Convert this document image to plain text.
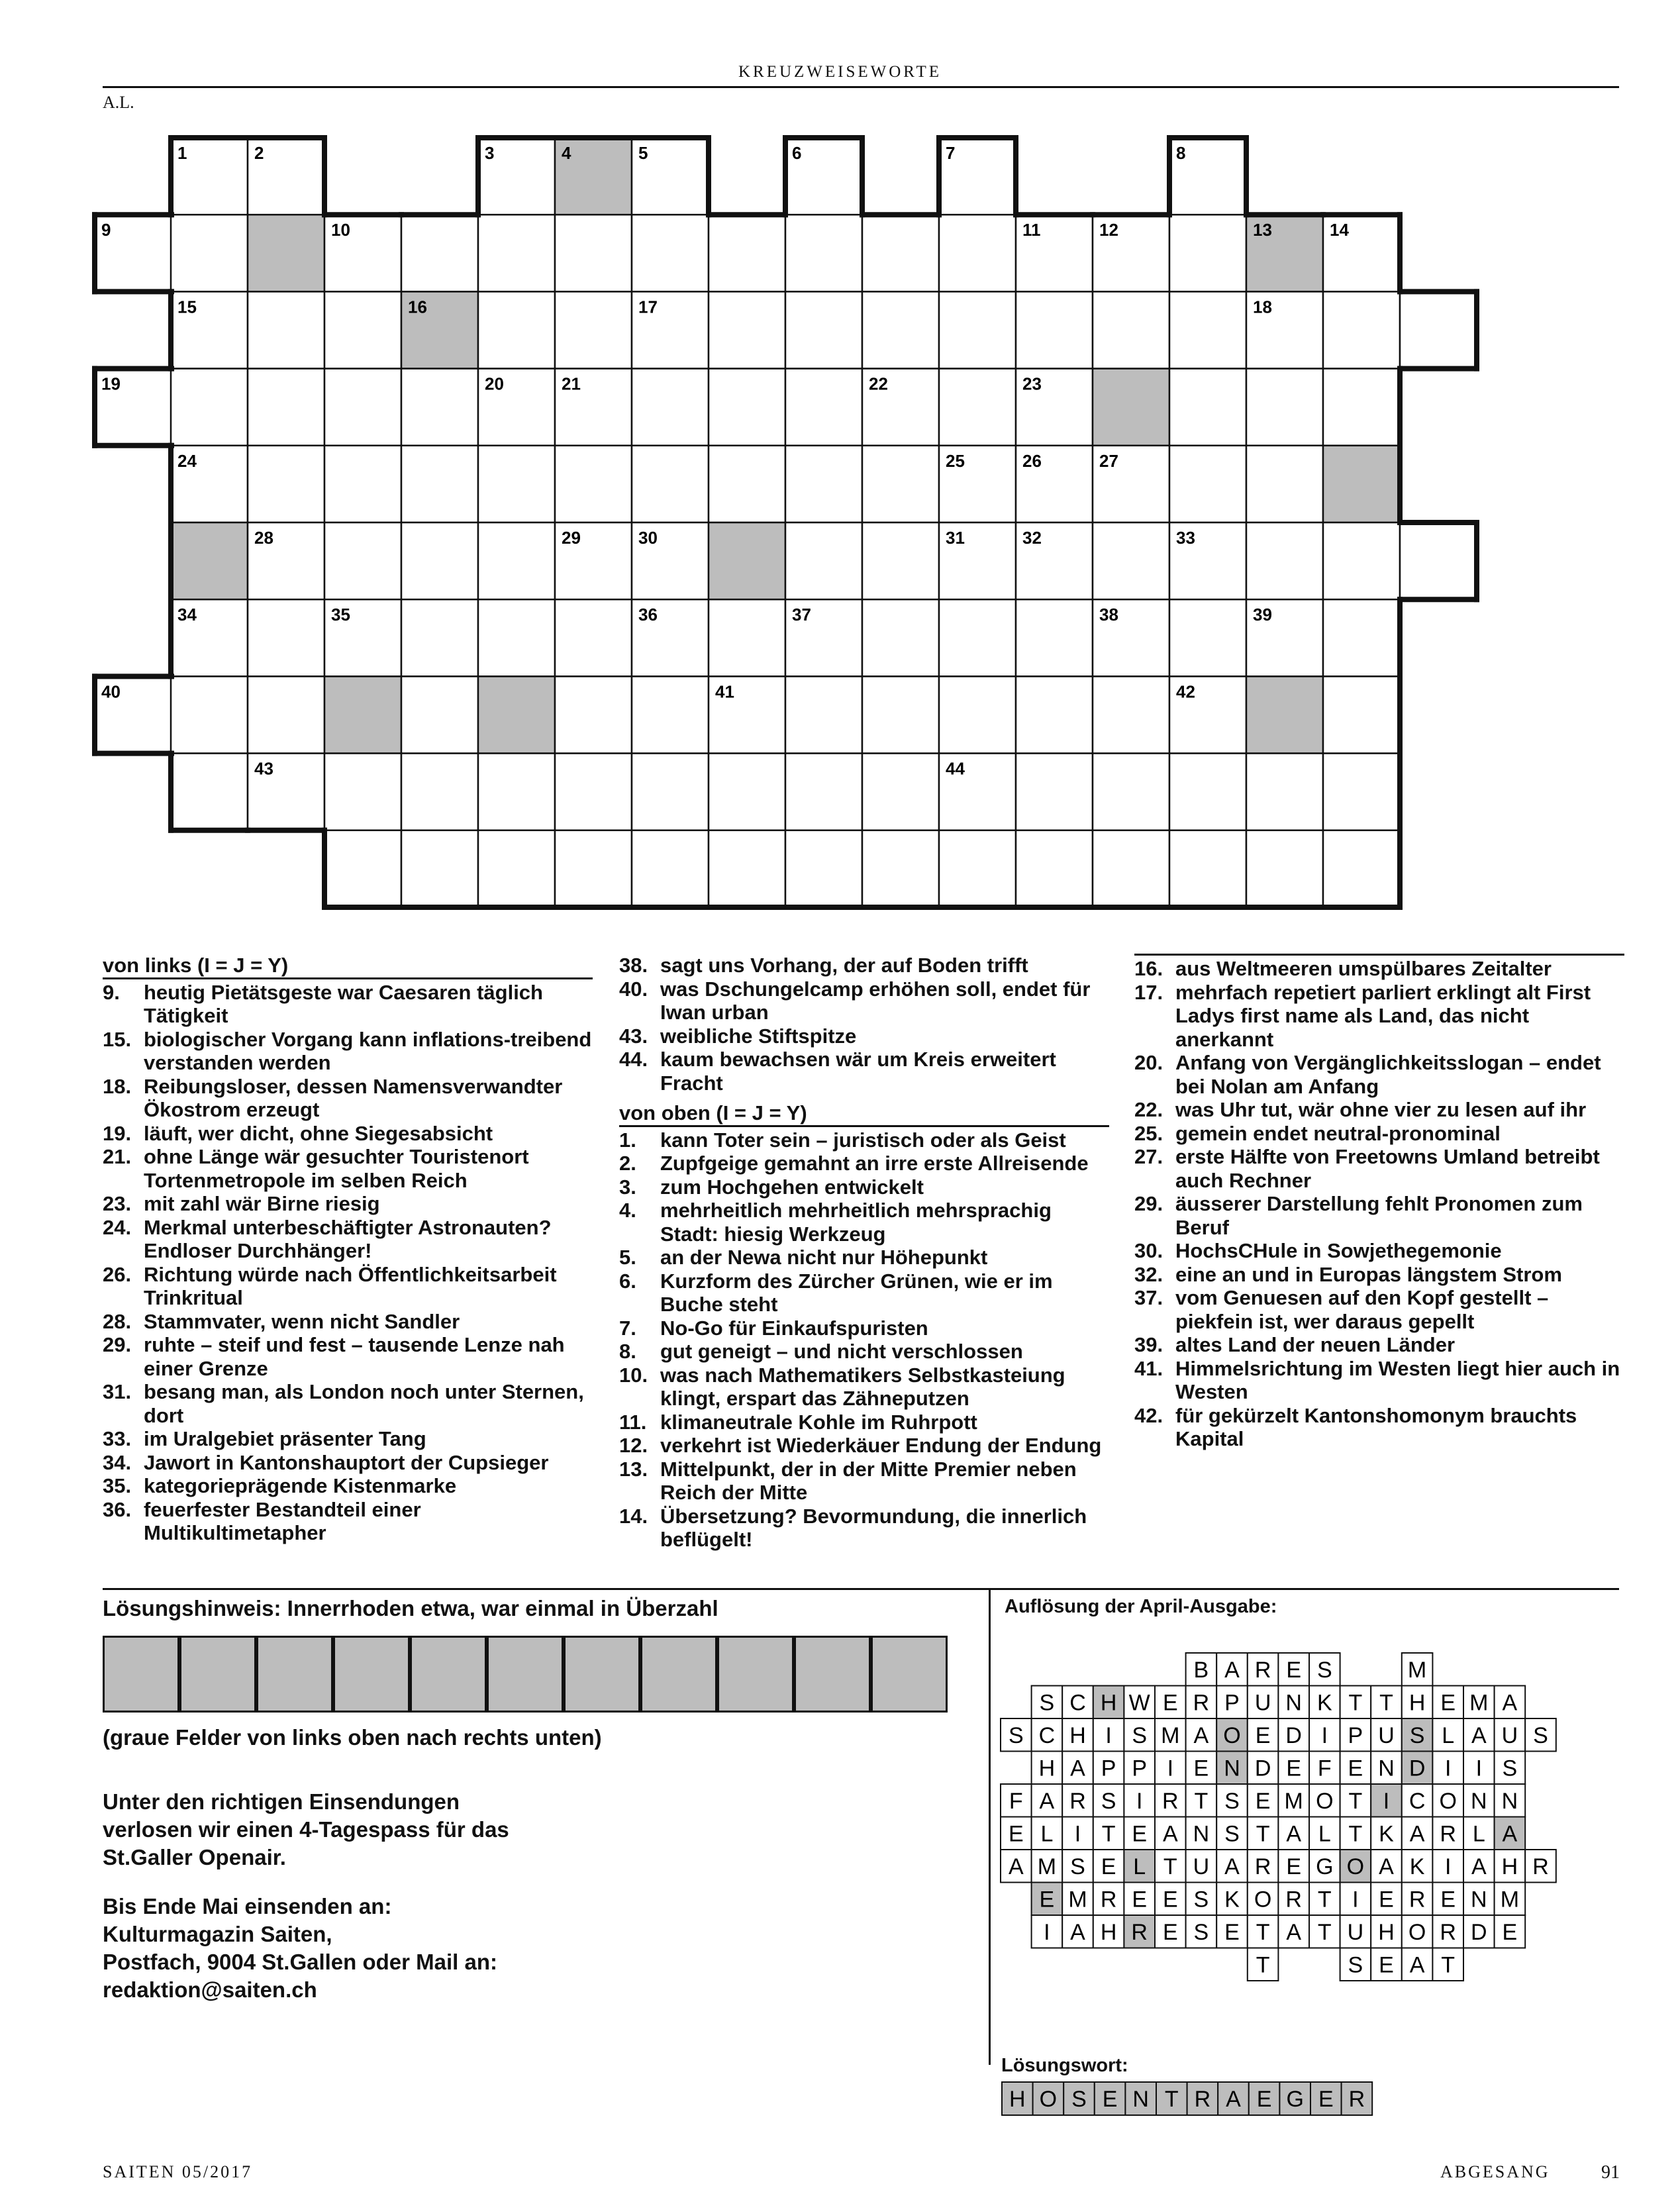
KREUZWEISEWORTE
A.L.
1	2	3	4	5	6	7	8
9	10	11	12	13	14
15	16	17	18
19	20	21	22	23
24	25	26	27
28	29	30	31	32	33
34	35	36	37	38	39
40	41	42
43	44
von links (I = J = Y)
9.	heutig Pietätsgeste war Caesaren täglich Tätigkeit
15. biologischer Vorgang kann inflations-treibend verstanden werden
18. Reibungsloser, dessen Namensverwandter Ökostrom erzeugt
19. läuft, wer dicht, ohne Siegesabsicht
21. ohne Länge wär gesuchter Touristenort Tortenmetropole im selben Reich
23. mit zahl wär Birne riesig
24. Merkmal unterbeschäftigter Astronauten? Endloser Durchhänger!
26. Richtung würde nach Öffentlichkeitsarbeit Trinkritual
28. Stammvater, wenn nicht Sandler
29. ruhte – steif und fest – tausende Lenze nah einer Grenze
31. besang man, als London noch unter Sternen, dort
33. im Uralgebiet präsenter Tang
34. Jawort in Kantonshauptort der Cupsieger
35. kategorieprägende Kistenmarke
36. feuerfester Bestandteil einer Multikultimetapher
38. sagt uns Vorhang, der auf Boden trifft
40. was Dschungelcamp erhöhen soll, endet für Iwan urban
43. weibliche Stiftspitze
44. kaum bewachsen wär um Kreis erweitert Fracht
von oben (I = J = Y)
1.	kann Toter sein – juristisch oder als Geist
2.	Zupfgeige gemahnt an irre erste Allreisende
3.	zum Hochgehen entwickelt
4.	mehrheitlich mehrheitlich mehrsprachig Stadt: hiesig Werkzeug
5.	an der Newa nicht nur Höhepunkt
6.	Kurzform des Zürcher Grünen, wie er im Buche steht
7.	No-Go für Einkaufspuristen
8.	gut geneigt – und nicht verschlossen
10. was nach Mathematikers Selbstkasteiung klingt, erspart das Zähneputzen
11. klimaneutrale Kohle im Ruhrpott
12. verkehrt ist Wiederkäuer Endung der Endung
13. Mittelpunkt, der in der Mitte Premier neben Reich der Mitte
14. Übersetzung? Bevormundung, die innerlich beflügelt!
16. aus Weltmeeren umspülbares Zeitalter
17. mehrfach repetiert parliert erklingt alt First Ladys first name als Land, das nicht anerkannt
20. Anfang von Vergänglichkeitsslogan – endet bei Nolan am Anfang
22. was Uhr tut, wär ohne vier zu lesen auf ihr
25. gemein endet neutral-pronominal
27. erste Hälfte von Freetowns Umland betreibt auch Rechner
29. äusserer Darstellung fehlt Pronomen zum Beruf
30. HochsCHule in Sowjethegemonie
32. eine an und in Europas längstem Strom
37. vom Genuesen auf den Kopf gestellt – piekfein ist, wer daraus gepellt
39. altes Land der neuen Länder
41. Himmelsrichtung im Westen liegt hier auch in Westen
42. für gekürzelt Kantonshomonym brauchts Kapital
Lösungshinweis: Innerrhoden etwa, war einmal in Überzahl
(graue Felder von links oben nach rechts unten)
Unter den richtigen Einsendungen
verlosen wir einen 4-Tagespass für das
St.Galler Openair.
Bis Ende Mai einsenden an:
Kulturmagazin Saiten,
Postfach, 9004 St.Gallen oder Mail an:
redaktion@saiten.ch
Auflösung der April-Ausgabe:
B A R E S	M
S C H W E R P U N K T T H E M A
S C H I S M A O E D I P U S L A U S
H A P P I E N D E F E N D I I S
F A R S I R T S E M O T I C O N N
E L I T E A N S T A L T K A R L A
A M S E L T U A R E G O A K I A H R
E M R E E S K O R T I E R E N M
I A H R E S E T A T U H O R D E
T	S E A T
Lösungswort:
H O S E N T R A E G E R
SAITEN 05/2017	ABGESANG	91
